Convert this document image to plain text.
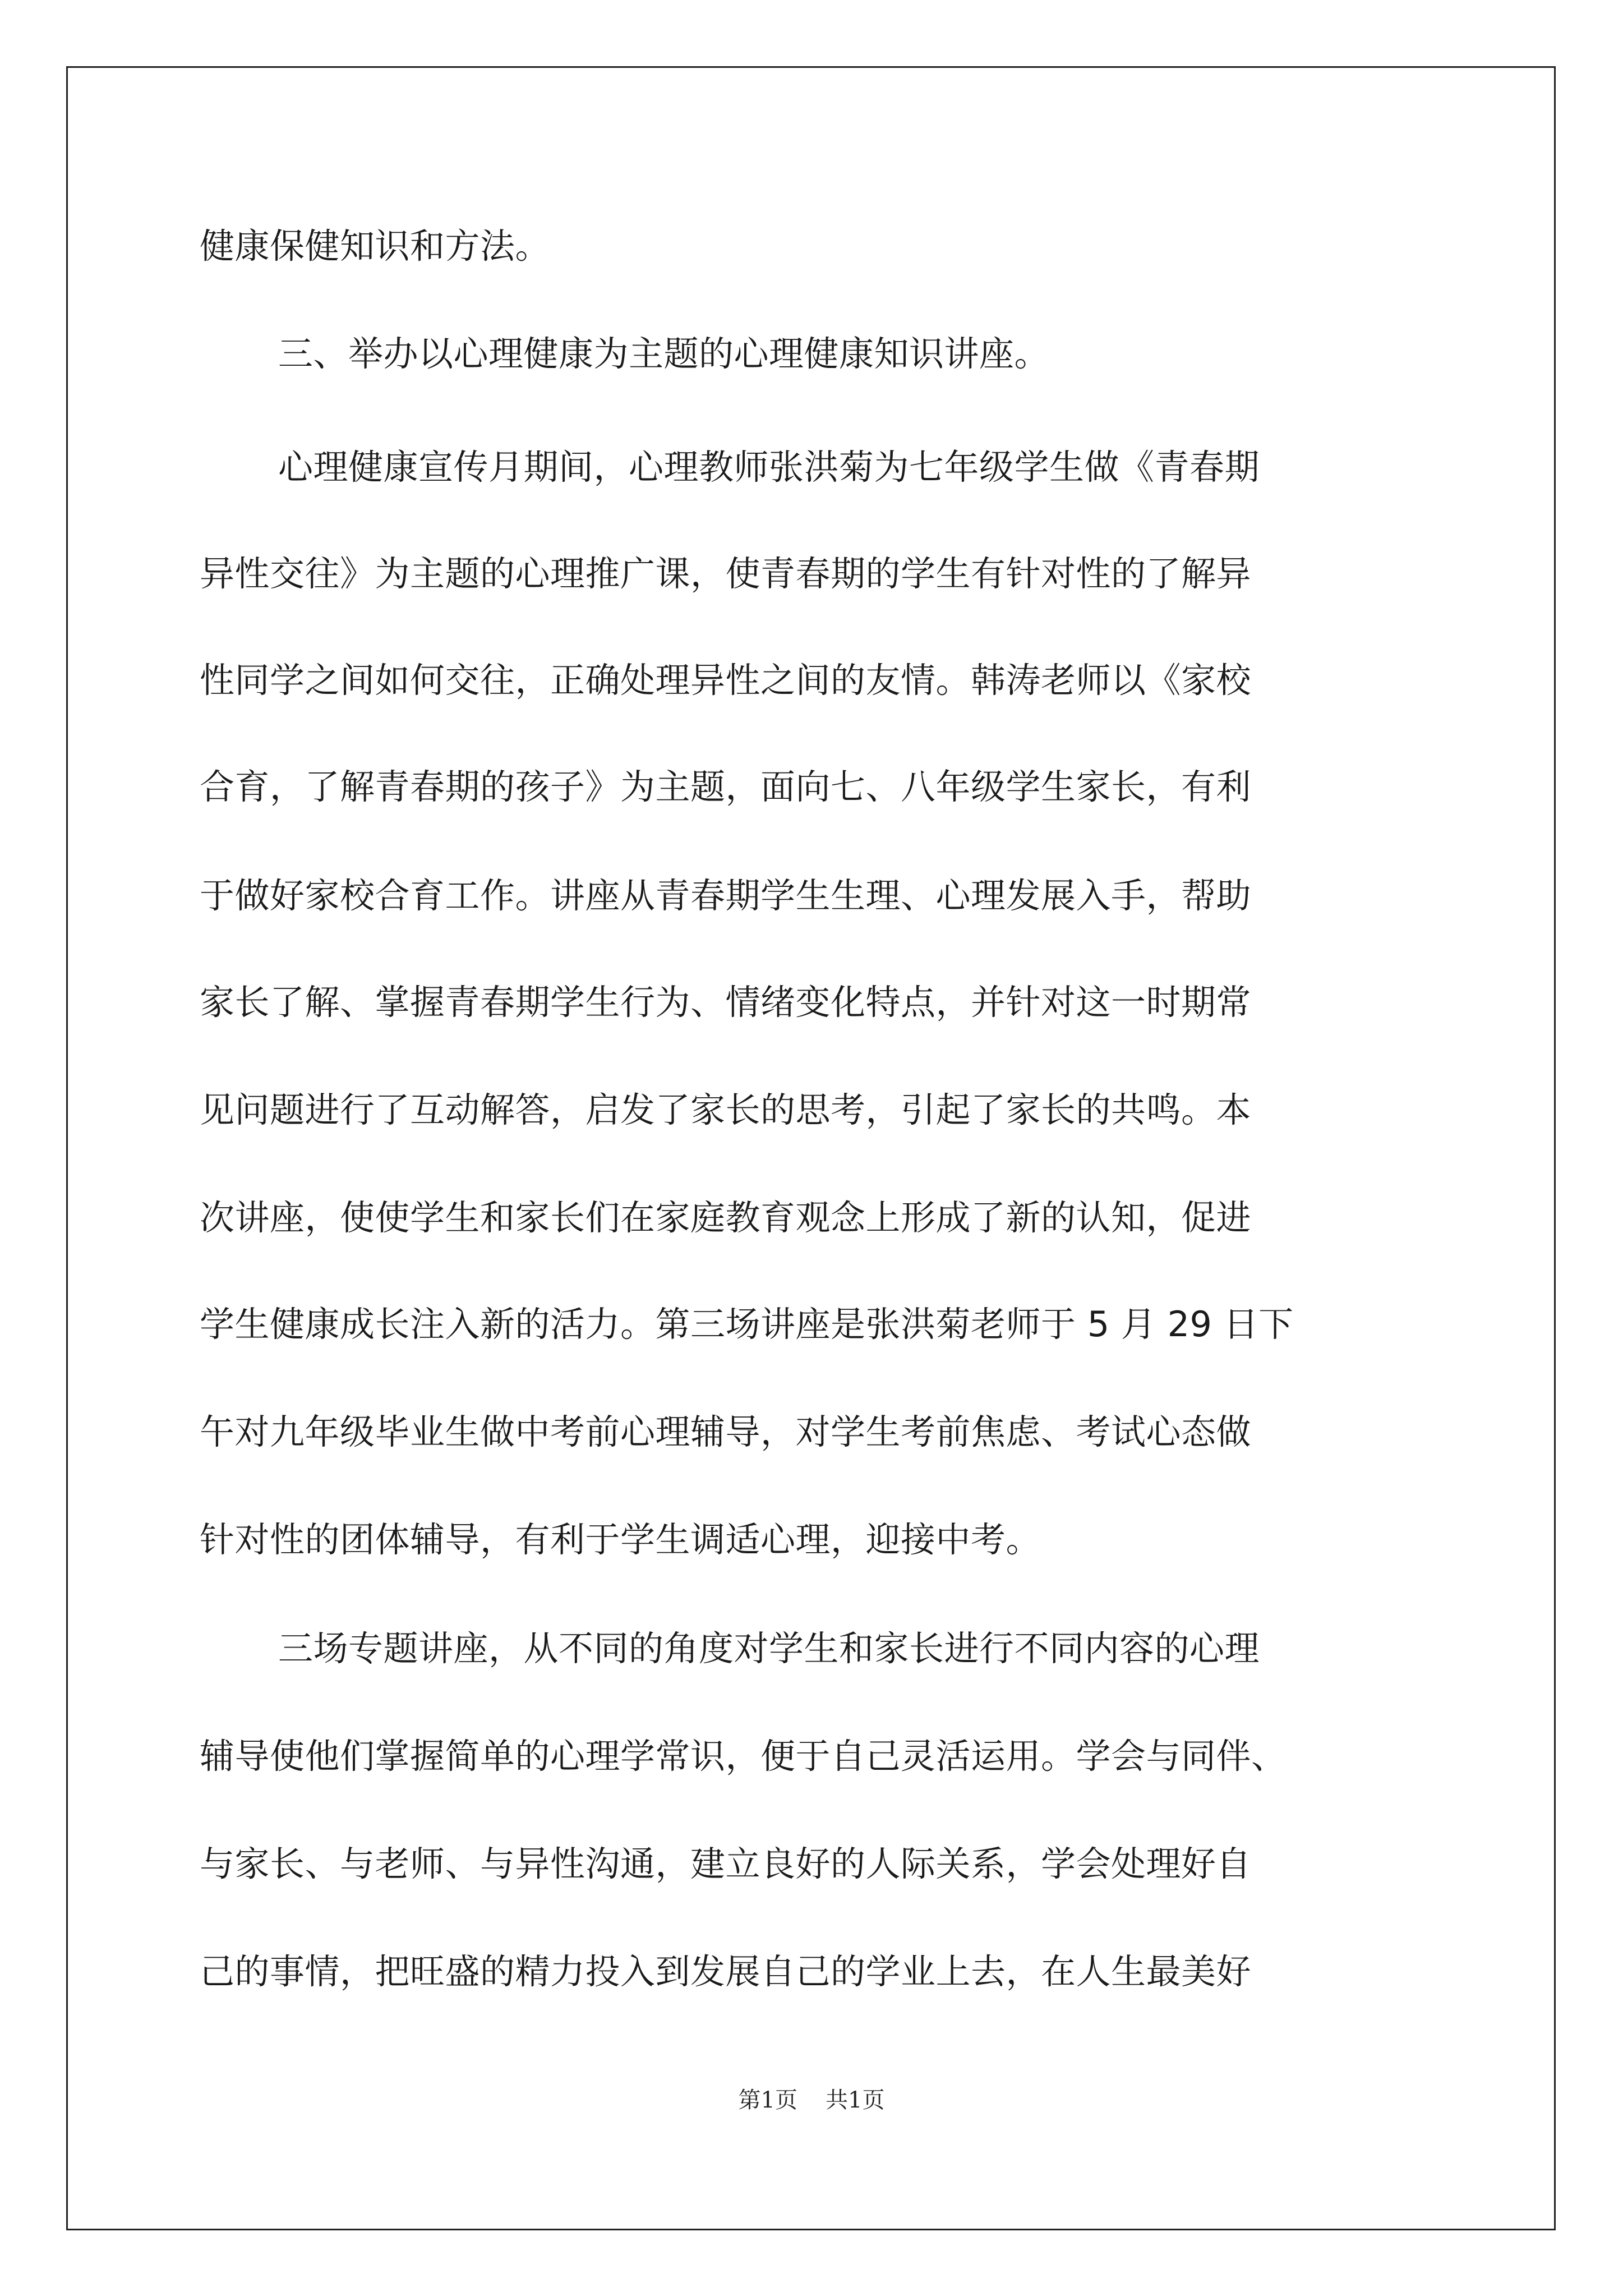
健康保健知识和方法。
三、举办以心理健康为主题的心理健康知识讲座。
心理健康宣传月期间，心理教师张洪菊为七年级学生做《青春期
异性交往》为主题的心理推广课，使青春期的学生有针对性的了解异
性同学之间如何交往，正确处理异性之间的友情。韩涛老师以《家校
合育，了解青春期的孩子》为主题，面向七、八年级学生家长，有利
于做好家校合育工作。讲座从青春期学生生理、心理发展入手，帮助
家长了解、掌握青春期学生行为、情绪变化特点，并针对这一时期常
见问题进行了互动解答，启发了家长的思考，引起了家长的共鸣。本
次讲座，使使学生和家长们在家庭教育观念上形成了新的认知，促进
学生健康成长注入新的活力。第三场讲座是张洪菊老师于 5 月 29 日下
午对九年级毕业生做中考前心理辅导，对学生考前焦虑、考试心态做
针对性的团体辅导，有利于学生调适心理，迎接中考。
三场专题讲座，从不同的角度对学生和家长进行不同内容的心理
辅导使他们掌握简单的心理学常识，便于自己灵活运用。学会与同伴、
与家长、与老师、与异性沟通，建立良好的人际关系，学会处理好自
己的事情，把旺盛的精力投入到发展自己的学业上去，在人生最美好
第1页 共1页
